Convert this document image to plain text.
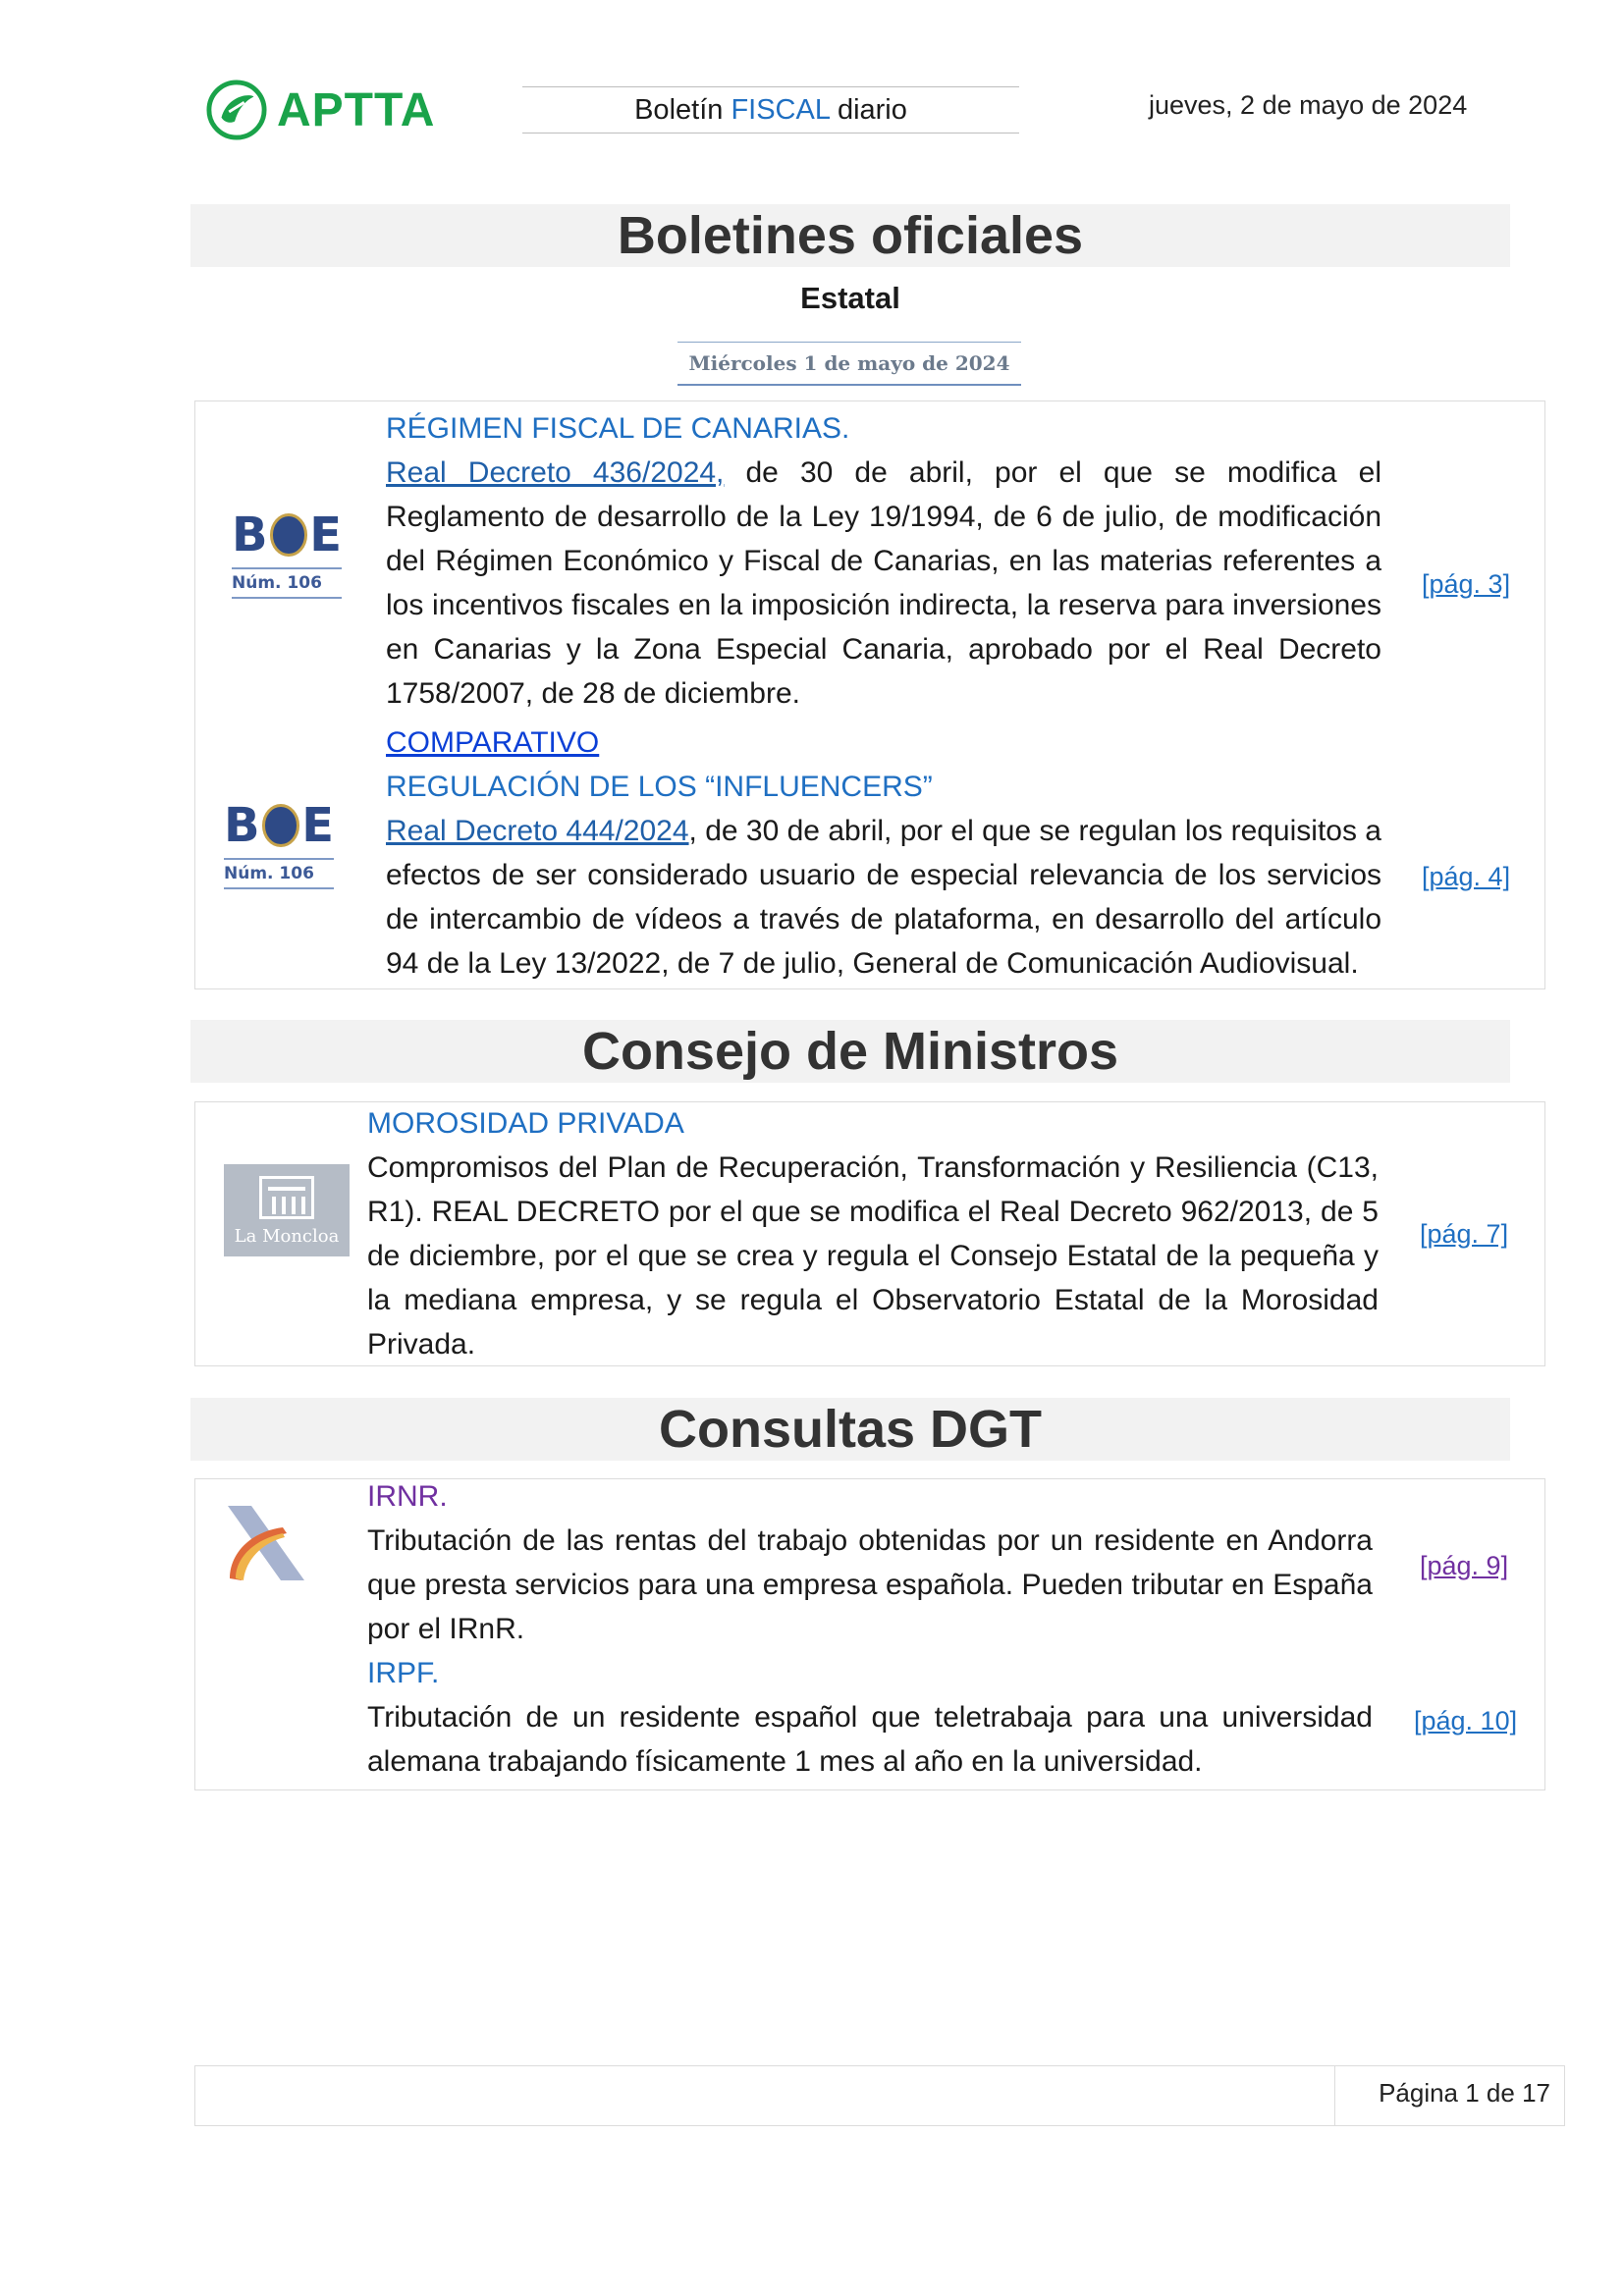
APTTA	Boletín FISCAL diario	jueves, 2 de mayo de 2024
Boletines oficiales
Estatal
Miércoles 1 de mayo de 2024
B E
Núm. 106
RÉGIMEN FISCAL DE CANARIAS.
Real Decreto 436/2024, de 30 de abril, por el que se modifica el Reglamento de desarrollo de la Ley 19/1994, de 6 de julio, de modificación del Régimen Económico y Fiscal de Canarias, en las materias referentes a los incentivos fiscales en la imposición indirecta, la reserva para inversiones en Canarias y la Zona Especial Canaria, aprobado por el Real Decreto 1758/2007, de 28 de diciembre.
[pág. 3]
B E
Núm. 106
COMPARATIVO
REGULACIÓN DE LOS “INFLUENCERS”
Real Decreto 444/2024, de 30 de abril, por el que se regulan los requisitos a efectos de ser considerado usuario de especial relevancia de los servicios de intercambio de vídeos a través de plataforma, en desarrollo del artículo 94 de la Ley 13/2022, de 7 de julio, General de Comunicación Audiovisual.
[pág. 4]
Consejo de Ministros
La Moncloa
MOROSIDAD PRIVADA
Compromisos del Plan de Recuperación, Transformación y Resiliencia (C13, R1). REAL DECRETO por el que se modifica el Real Decreto 962/2013, de 5 de diciembre, por el que se crea y regula el Consejo Estatal de la pequeña y la mediana empresa, y se regula el Observatorio Estatal de la Morosidad Privada.
[pág. 7]
Consultas DGT
IRNR.
Tributación de las rentas del trabajo obtenidas por un residente en Andorra que presta servicios para una empresa española. Pueden tributar en España por el IRnR.
[pág. 9]
IRPF.
Tributación de un residente español que teletrabaja para una universidad alemana trabajando físicamente 1 mes al año en la universidad.
[pág. 10]
Página 1 de 17
